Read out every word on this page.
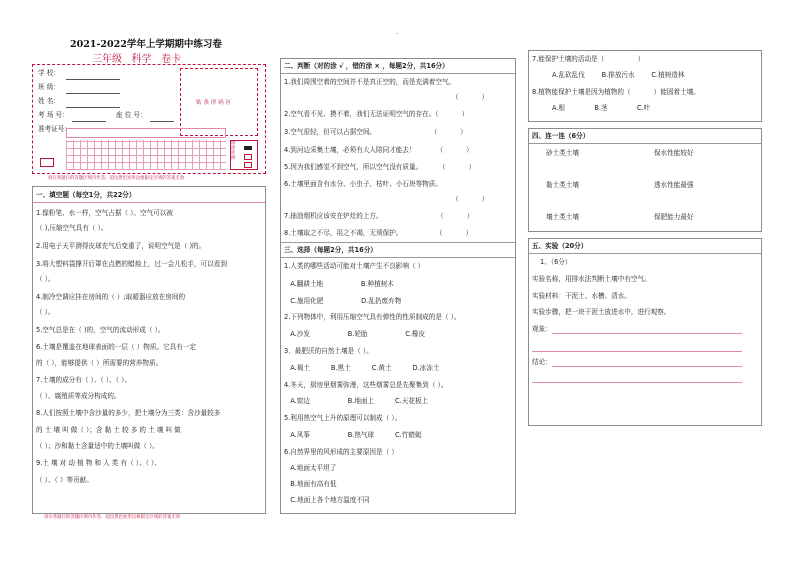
2021-2022学年上学期期中练习卷
三年级   科学   卷卡
.
学 校：
班 级：
姓 名：
考 场 号：	座 位 号：
准考证号：
贴 条 形 码 区
填涂样例
请在各题目的答题区域内作答，超出黑色矩形边框限定区域的答案无效
一、填空题（每空1分，共22分）
1.像粉笔、水一样，空气占据（ ）。空气可以被
（ ),压缩空气具有（ ）。
2.用电子天平测得皮球充气后变重了，说明空气是（ )的。
3.将大塑料袋撑开后罩在点燃的蜡烛上，过一会儿松手，可以看到
（ ）。
4.制冷空调应挂在房间的（ ）;取暖器应放在房间的
（ ）。
5.空气总是在（ )的，空气的流动形成（ ）。
6.土壤是覆盖在地球表面的一层（ ）物质。它具有一定
的（ ），能够提供（ ）所需要的营养物质。
7.土壤的成分有（ ）、（ ）、（ ）、
（ ）、腐殖质等成分构成的。
8.人们按照土壤中含沙量的多少，把土壤分为三类：含沙量较多
的 土 壤 叫 做（ ）；含 黏 土 较 多 的 土 壤 叫 做
（ ）；沙和黏土含量适中的土壤叫做（ ）。
9.土 壤 对 动 植 物 和 人 类 有（ ）、（ ）、
（ ）、（ ）等贡献。
请在各题目的答题区域内作答，超出黑色矩形边框限定区域的答案无效
二、判断（对的涂 √ ，错的涂 × ，每题2分，共16分）
1.我们周围空着的空间并不是真正空的，而是充满着空气。
（           ）
2.空气看不见、摸不着，我们无法证明空气的存在。（           ）
3.空气很轻，但可以占据空间。                          （           ）
4.到河边采集土壤，必须有大人陪同才能去！          （           ）
5.因为我们感觉不到空气，所以空气没有质量。        （           ）
6.土壤里面含有水分、小虫子、枯叶、小石块等物质。
（           ）
7.抽油烟机应该安在炉灶的上方。                          （           ）
8.土壤取之不尽，用之不竭，无须保护。                （           ）
三、选择（每题2分，共16分）
1.人类的哪些活动可能对土壤产生不良影响（ ）
A.翻耕土地                  B.种植树木
C.施用化肥                  D.乱扔废弃物
2.下列物体中，利用压缩空气具有弹性的性质制成的是（ ）。
A.沙发                  B.轮胎                  C.橡皮
3．最肥沃的自然土壤是（ ）。
A.褐土          B.黑土          C.黄土          D.冰冻土
4.冬天，厨房里烟雾弥漫，这些烟雾总是先聚集到（ ）。
A.窗边                  B.地面上          C.天花板上
5.利用热空气上升的原理可以制成（ ）。
A.风筝                  B.热气球          C.竹蜻蜓
6.自然界里的风形成的主要原因是（ ）
A.地面太平坦了
B.地面有高有低
C.地面上各个地方温度不同
7.能保护土壤的活动是（                ）
A.乱砍乱伐        B.排放污水        C.植树造林
8.植物能保护土壤是因为植物的（           ）能固着土壤。
A.根              B.茎              C.叶
四、连一连（6分）
砂土类土壤	保水性能较好
黏土类土壤	透水性能最强
壤土类土壤	保肥能力最好
五、实验（20分）
1、（6分）
实验名称，用排水法判断土壤中有空气。
实验材料：干泥土、水槽、清水。
实验步骤，把一块干泥土放进水中，进行观察。
观象：
结论：
